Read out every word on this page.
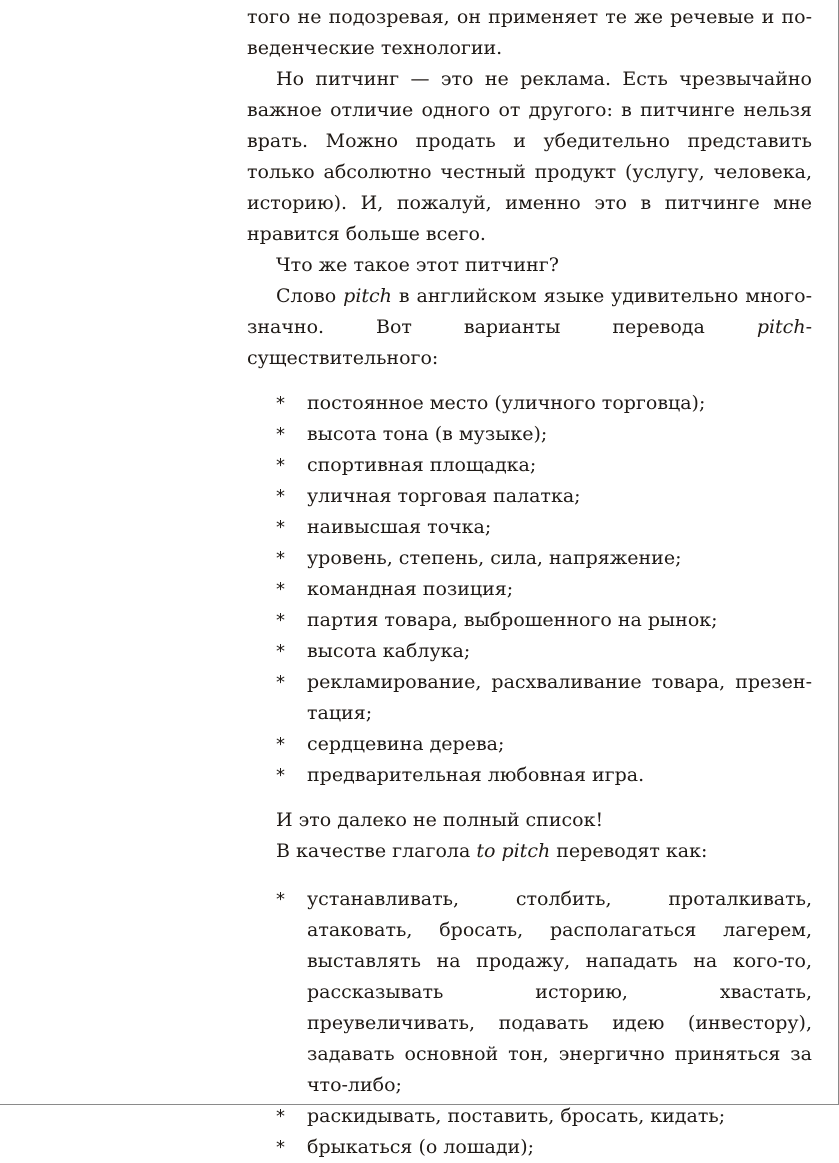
того не подозревая, он применяет те же речевые и поведенческие технологии.

Но питчинг — это не реклама. Есть чрезвычайно важное отличие одного от другого: в питчинге нельзя врать. Можно продать и убедительно представить только абсолютно честный продукт (услугу, человека, историю). И, пожалуй, именно это в питчинге мне нравится больше всего.

Что же такое этот питчинг?

Слово pitch в английском языке удивительно многозначно. Вот варианты перевода pitch-существительного:

* постоянное место (уличного торговца);
* высота тона (в музыке);
* спортивная площадка;
* уличная торговая палатка;
* наивысшая точка;
* уровень, степень, сила, напряжение;
* командная позиция;
* партия товара, выброшенного на рынок;
* высота каблука;
* рекламирование, расхваливание товара, презентация;
* сердцевина дерева;
* предварительная любовная игра.

И это далеко не полный список!

В качестве глагола to pitch переводят как:

* устанавливать, столбить, проталкивать, атаковать, бросать, располагаться лагерем, выставлять на продажу, нападать на кого-то, рассказывать историю, хвастать, преувеличивать, подавать идею (инвестору), задавать основной тон, энергично приняться за что-либо;
* раскидывать, поставить, бросать, кидать;
* брыкаться (о лошади);
